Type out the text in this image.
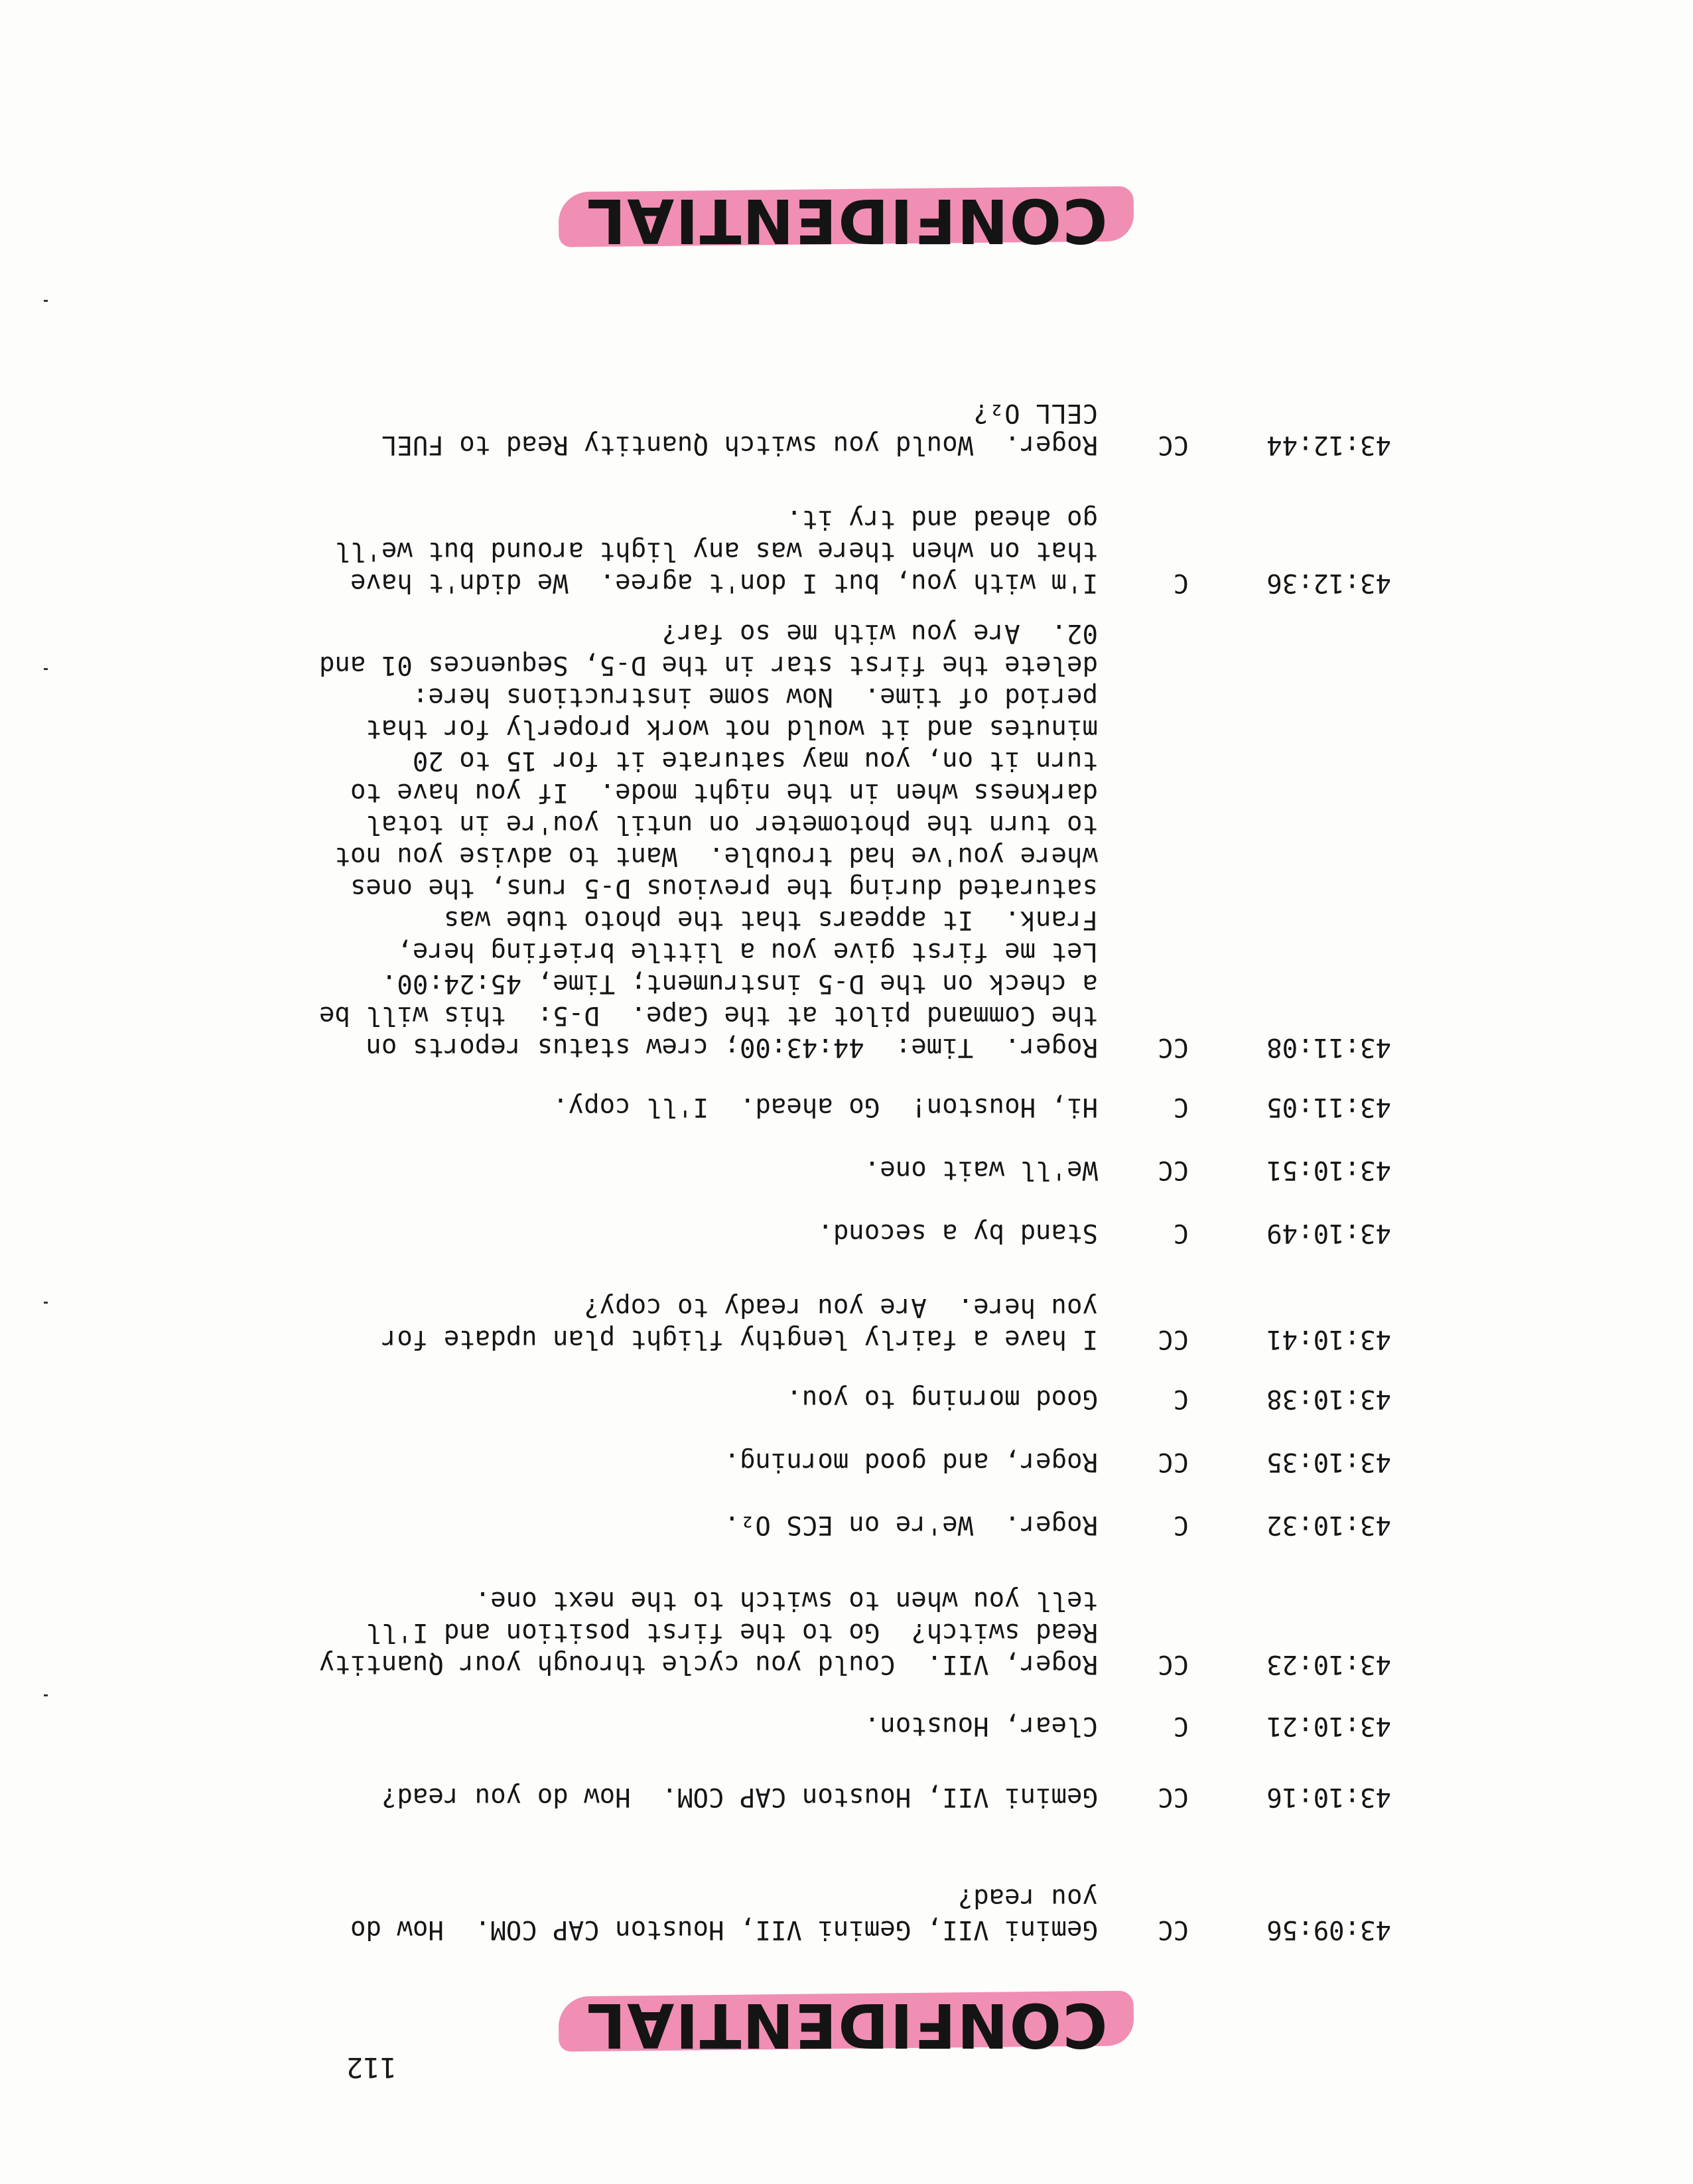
CONFIDENTIAL
112
43:09:56
CC
Gemini VII, Gemini VII, Houston CAP COM.  How do
you read?
43:10:16
CC
Gemini VII, Houston CAP COM.  How do you read?
43:10:21
C
Clear, Houston.
43:10:23
CC
Roger, VII.  Could you cycle through your Quantity
Read switch?  Go to the first position and I'll
tell you when to switch to the next one.
43:10:32
C
Roger.  We're on ECS O₂.
43:10:35
CC
Roger, and good morning.
43:10:38
C
Good morning to you.
43:10:41
CC
I have a fairly lengthy flight plan update for
you here.  Are you ready to copy?
43:10:49
C
Stand by a second.
43:10:51
CC
We'll wait one.
43:11:05
C
Hi, Houston!  Go ahead.  I'll copy.
43:11:08
CC
Roger.  Time:  44:43:00; crew status reports on
the Command pilot at the Cape.  D-5:  this will be
a check on the D-5 instrument; Time, 45:24:00.
Let me first give you a little briefing here,
Frank.  It appears that the photo tube was
saturated during the previous D-5 runs, the ones
where you've had trouble.  Want to advise you not
to turn the photometer on until you're in total
darkness when in the night mode.  If you have to
turn it on, you may saturate it for 15 to 20
minutes and it would not work properly for that
period of time.  Now some instructions here:
delete the first star in the D-5, Sequences 01 and
02.  Are you with me so far?
43:12:36
C
I'm with you, but I don't agree.  We didn't have
that on when there was any light around but we'll
go ahead and try it.
43:12:44
CC
Roger.  Would you switch Quantity Read to FUEL
CELL O₂?
CONFIDENTIAL
